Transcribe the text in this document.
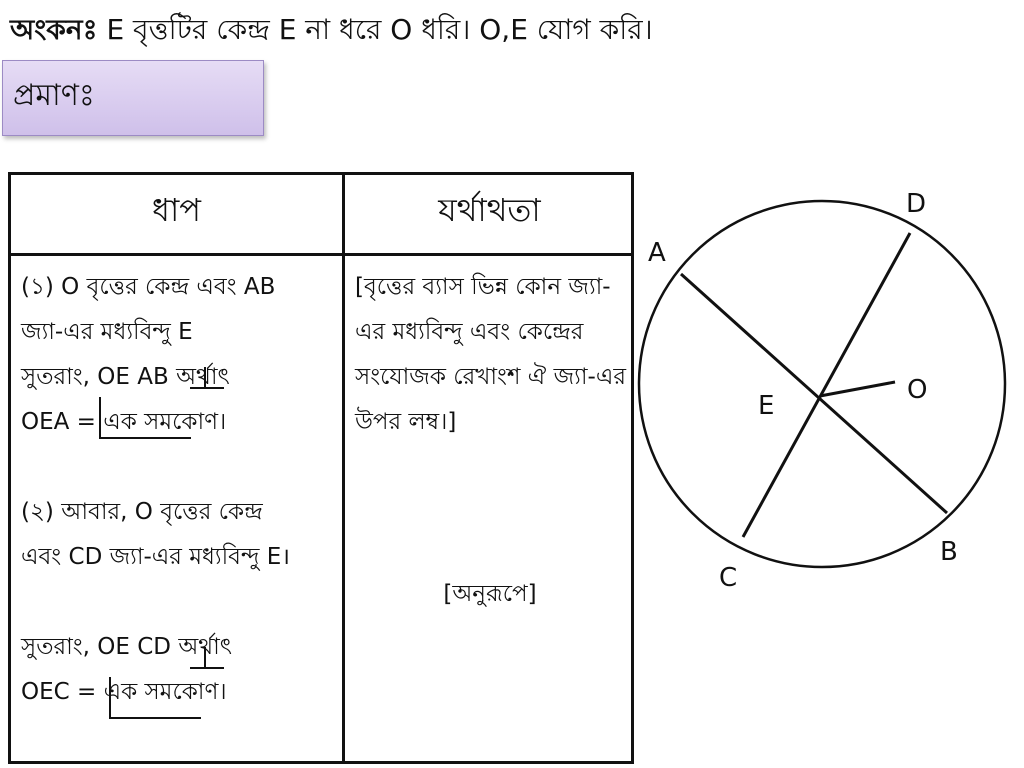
অংকনঃ E বৃত্তটির কেন্দ্র E না ধরে O ধরি। O,E যোগ করি।
প্রমাণঃ
ধাপ	যর্থাথতা

(১) O বৃত্তের কেন্দ্র এবং AB

জ্যা-এর মধ্যবিন্দু E

সুতরাং, OE AB অর্থাৎ

OEA = এক সমকোণ।

(২) আবার, O বৃত্তের কেন্দ্র

এবং CD জ্যা-এর মধ্যবিন্দু E।

সুতরাং, OE CD অর্থাৎ

OEC = এক সমকোণ।

[বৃত্তের ব্যাস ভিন্ন কোন জ্যা-এর মধ্যবিন্দু এবং কেন্দ্রের সংযোজক রেখাংশ ঐ জ্যা-এর উপর লম্ব।]

[অনুরূপে]
A
D
E
O
B
C
